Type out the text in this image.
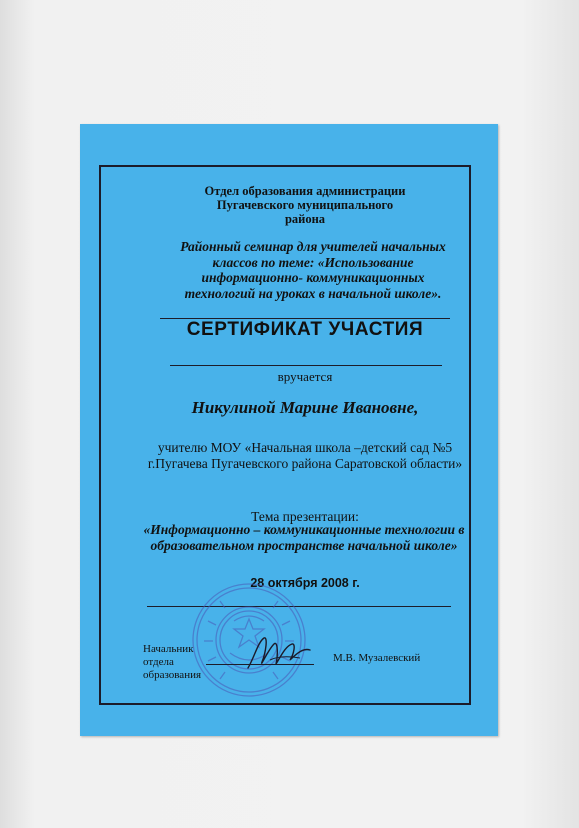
Отдел образования администрации Пугачевского муниципального района
Районный семинар для учителей начальных классов по теме: «Использование информационно- коммуникационных технологий на уроках в начальной школе».
СЕРТИФИКАТ УЧАСТИЯ
вручается
Никулиной Марине Ивановне,
учителю МОУ «Начальная школа –детский сад №5 г.Пугачева Пугачевского района Саратовской области»
Тема презентации:
«Информационно – коммуникационные технологии в образовательном пространстве начальной школе»
28 октября 2008 г.
Начальник отдела образования
М.В. Музалевский
